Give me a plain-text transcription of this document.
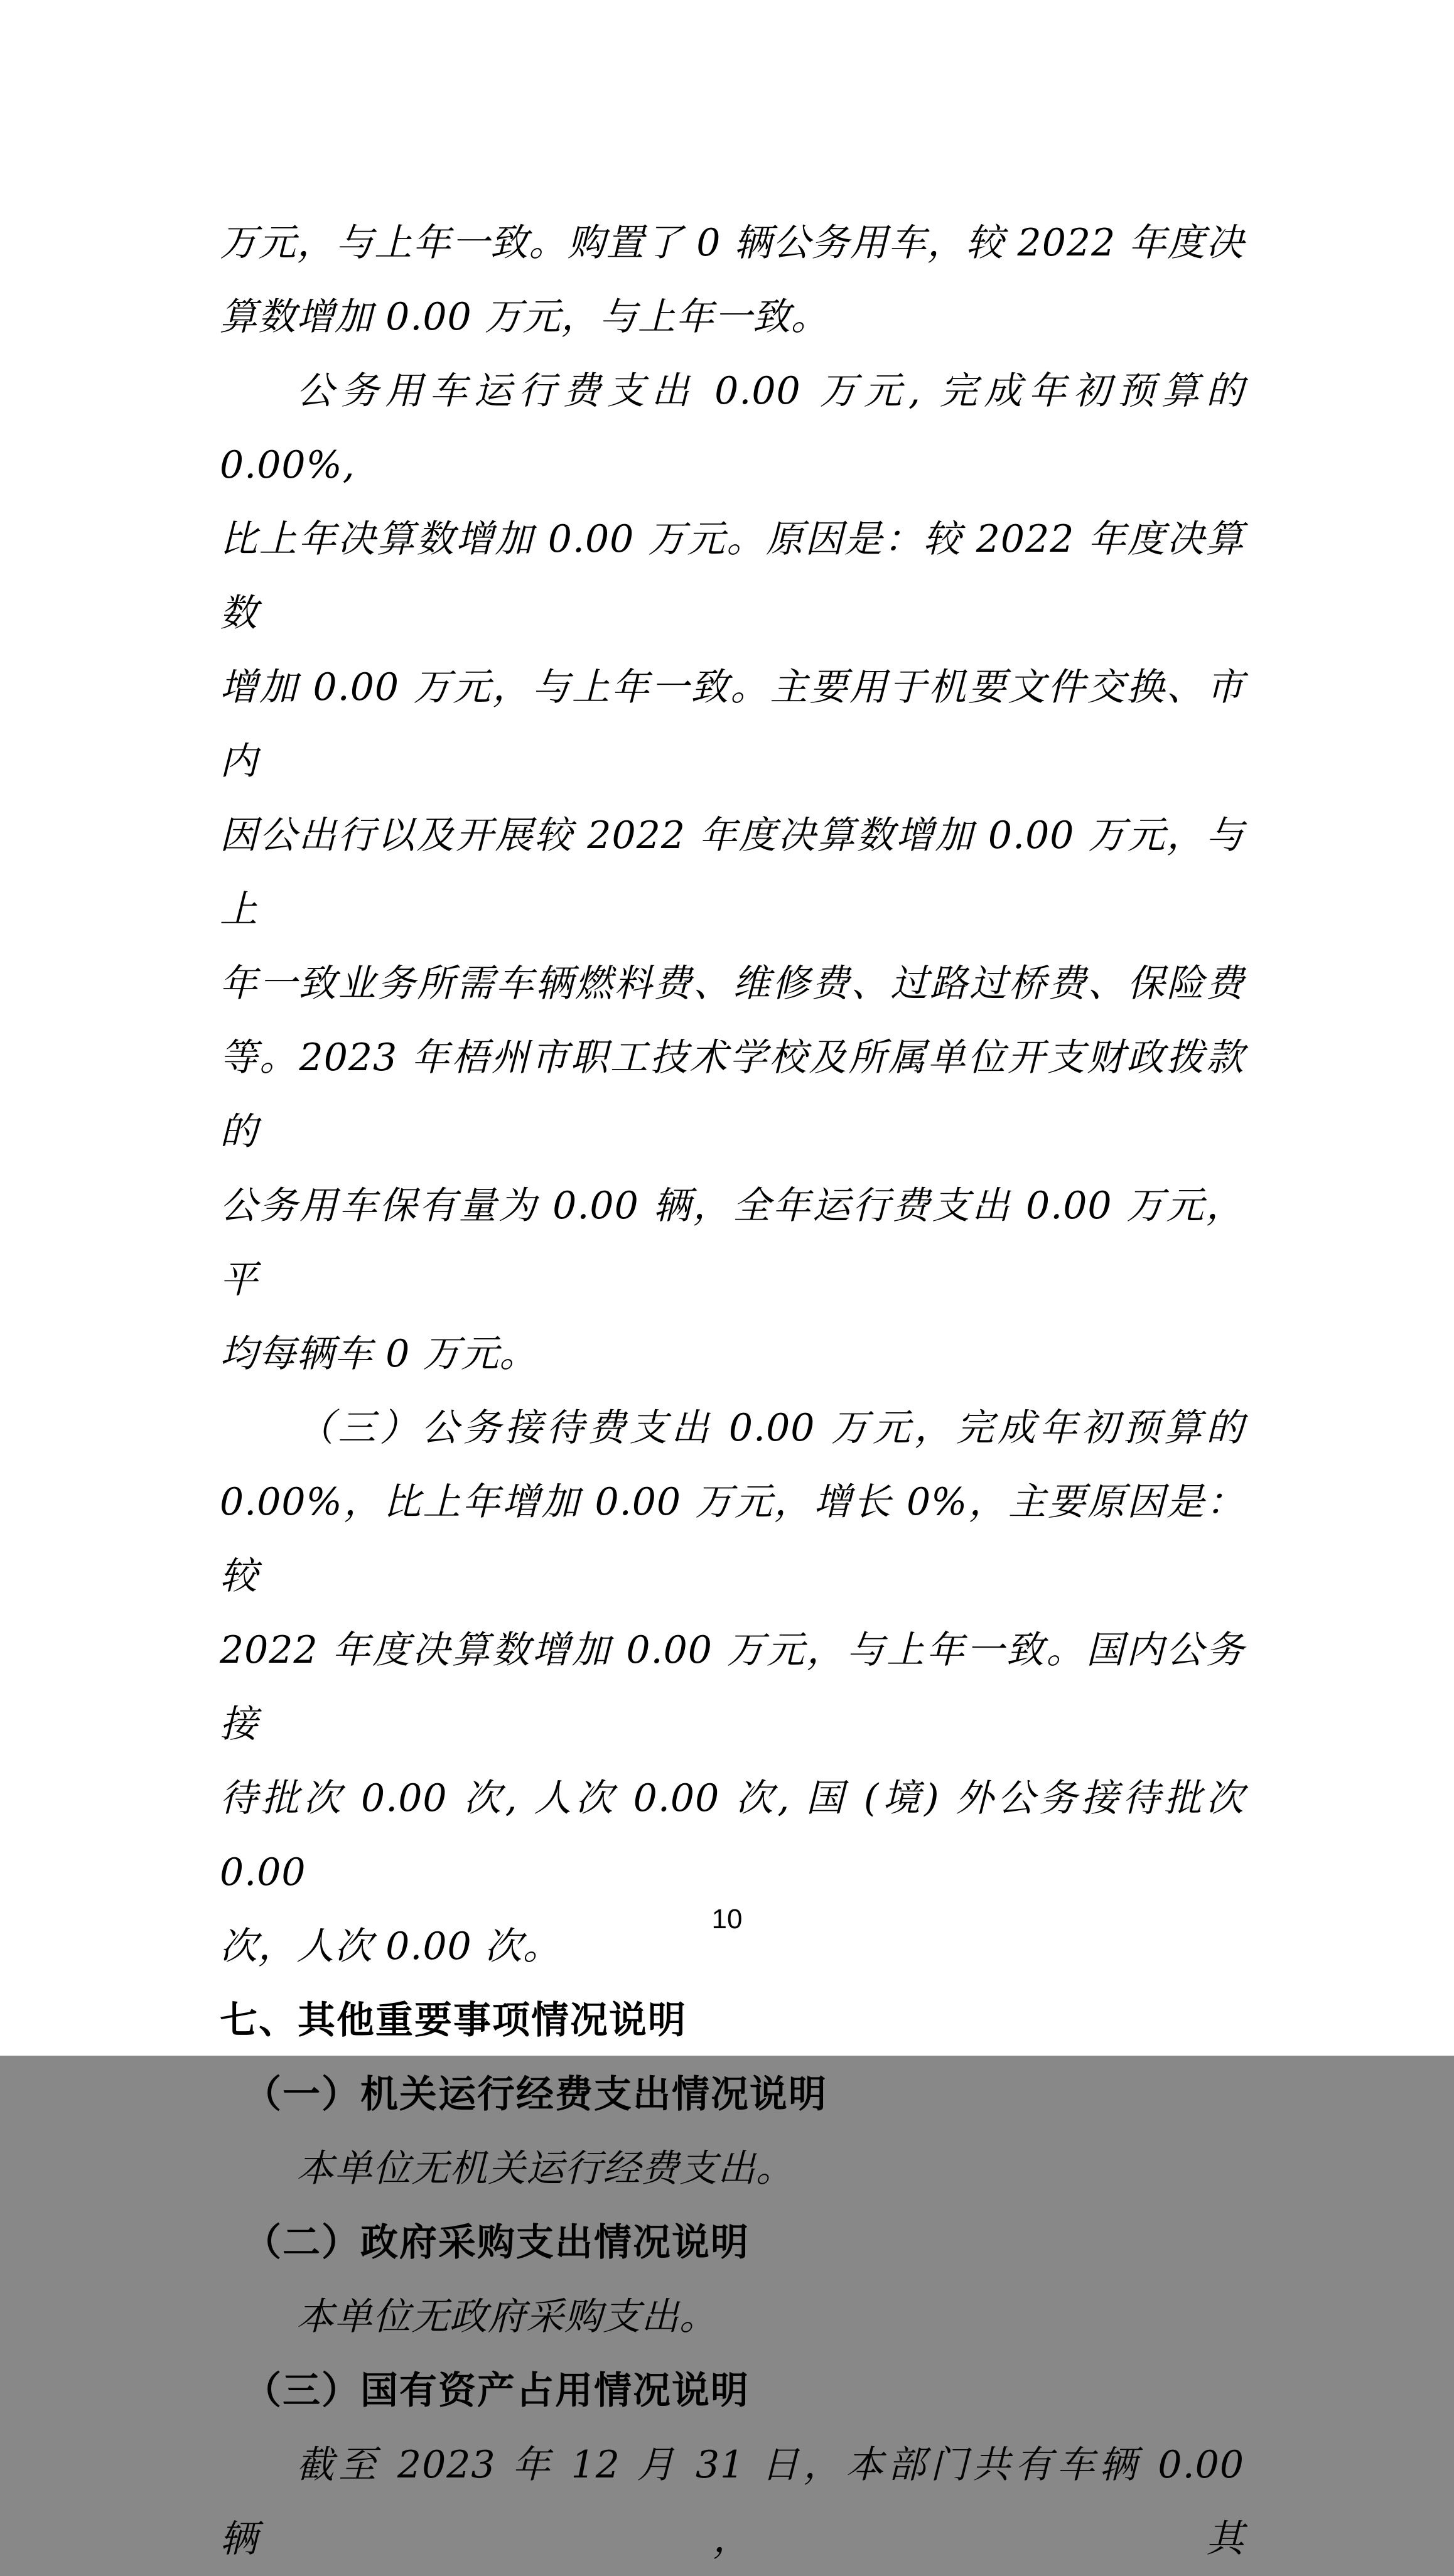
万元，与上年一致。购置了 0 辆公务用车，较 2022 年度决
算数增加 0.00 万元，与上年一致。
公务用车运行费支出 0.00 万元, 完成年初预算的 0.00%,
比上年决算数增加 0.00 万元。原因是：较 2022 年度决算数
增加 0.00 万元，与上年一致。主要用于机要文件交换、市内
因公出行以及开展较 2022 年度决算数增加 0.00 万元，与上
年一致业务所需车辆燃料费、维修费、过路过桥费、保险费
等。2023 年梧州市职工技术学校及所属单位开支财政拨款的
公务用车保有量为 0.00 辆，全年运行费支出 0.00 万元，平
均每辆车 0 万元。
（三）公务接待费支出 0.00 万元，完成年初预算的
0.00%，比上年增加 0.00 万元，增长 0%，主要原因是：较
2022 年度决算数增加 0.00 万元，与上年一致。国内公务接
待批次 0.00 次, 人次 0.00 次, 国 (境) 外公务接待批次 0.00
次，人次 0.00 次。
七、其他重要事项情况说明
（一）机关运行经费支出情况说明
本单位无机关运行经费支出。
（二）政府采购支出情况说明
本单位无政府采购支出。
（三）国有资产占用情况说明
截至 2023 年 12 月 31 日，本部门共有车辆 0.00 辆，其
10
